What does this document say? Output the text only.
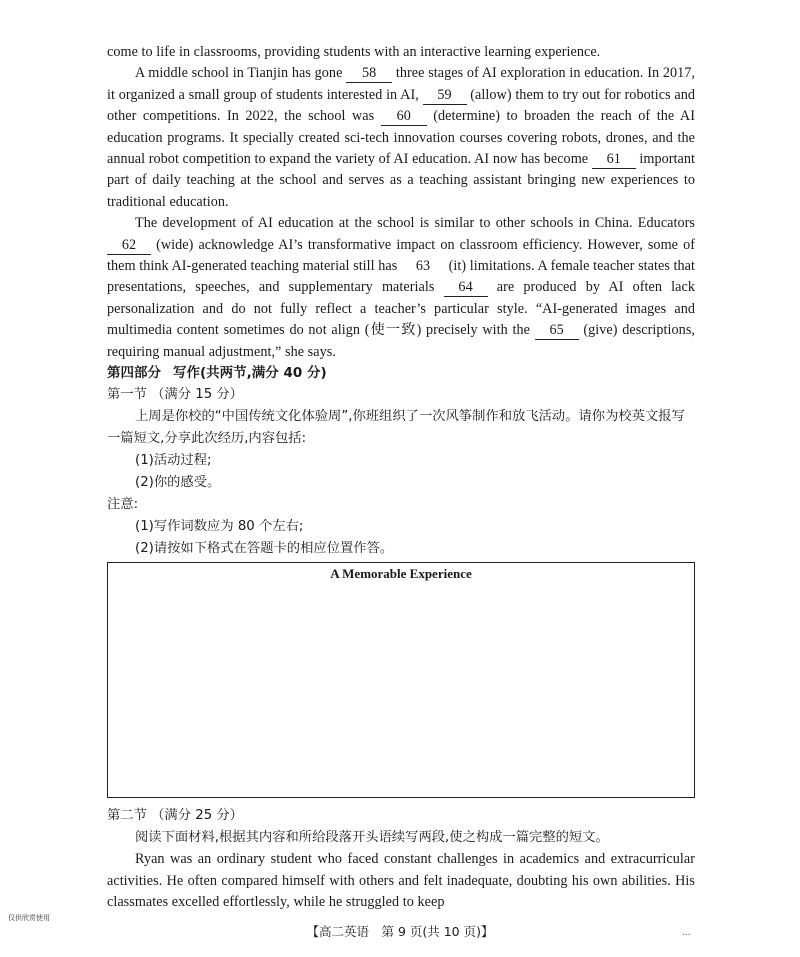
come to life in classrooms, providing students with an interactive learning experience.

A middle school in Tianjin has gone 58 three stages of AI exploration in education. In 2017, it organized a small group of students interested in AI, 59 (allow) them to try out for robotics and other competitions. In 2022, the school was 60 (determine) to broaden the reach of the AI education programs. It specially created sci-tech innovation courses covering robots, drones, and the annual robot competition to expand the variety of AI education. AI now has become 61 important part of daily teaching at the school and serves as a teaching assistant bringing new experiences to traditional education.

The development of AI education at the school is similar to other schools in China. Educators 62 (wide) acknowledge AI’s transformative impact on classroom efficiency. However, some of them think AI-generated teaching material still has 63 (it) limitations. A female teacher states that presentations, speeches, and supplementary materials 64 are produced by AI often lack personalization and do not fully reflect a teacher’s particular style. “AI-generated images and multimedia content sometimes do not align (使一致) precisely with the 65 (give) descriptions, requiring manual adjustment,” she says.

第四部分 写作(共两节,满分 40 分)

第一节 （满分 15 分）

上周是你校的“中国传统文化体验周”,你班组织了一次风筝制作和放飞活动。请你为校英文报写一篇短文,分享此次经历,内容包括:

(1)活动过程;

(2)你的感受。

注意:

(1)写作词数应为 80 个左右;

(2)请按如下格式在答题卡的相应位置作答。

A Memorable Experience

第二节 （满分 25 分）

阅读下面材料,根据其内容和所给段落开头语续写两段,使之构成一篇完整的短文。

Ryan was an ordinary student who faced constant challenges in academics and extracurricular activities. He often compared himself with others and felt inadequate, doubting his own abilities. His classmates excelled effortlessly, while he struggled to keep

仅供欣赏使用
【高二英语　第 9 页(共 10 页)】	...
